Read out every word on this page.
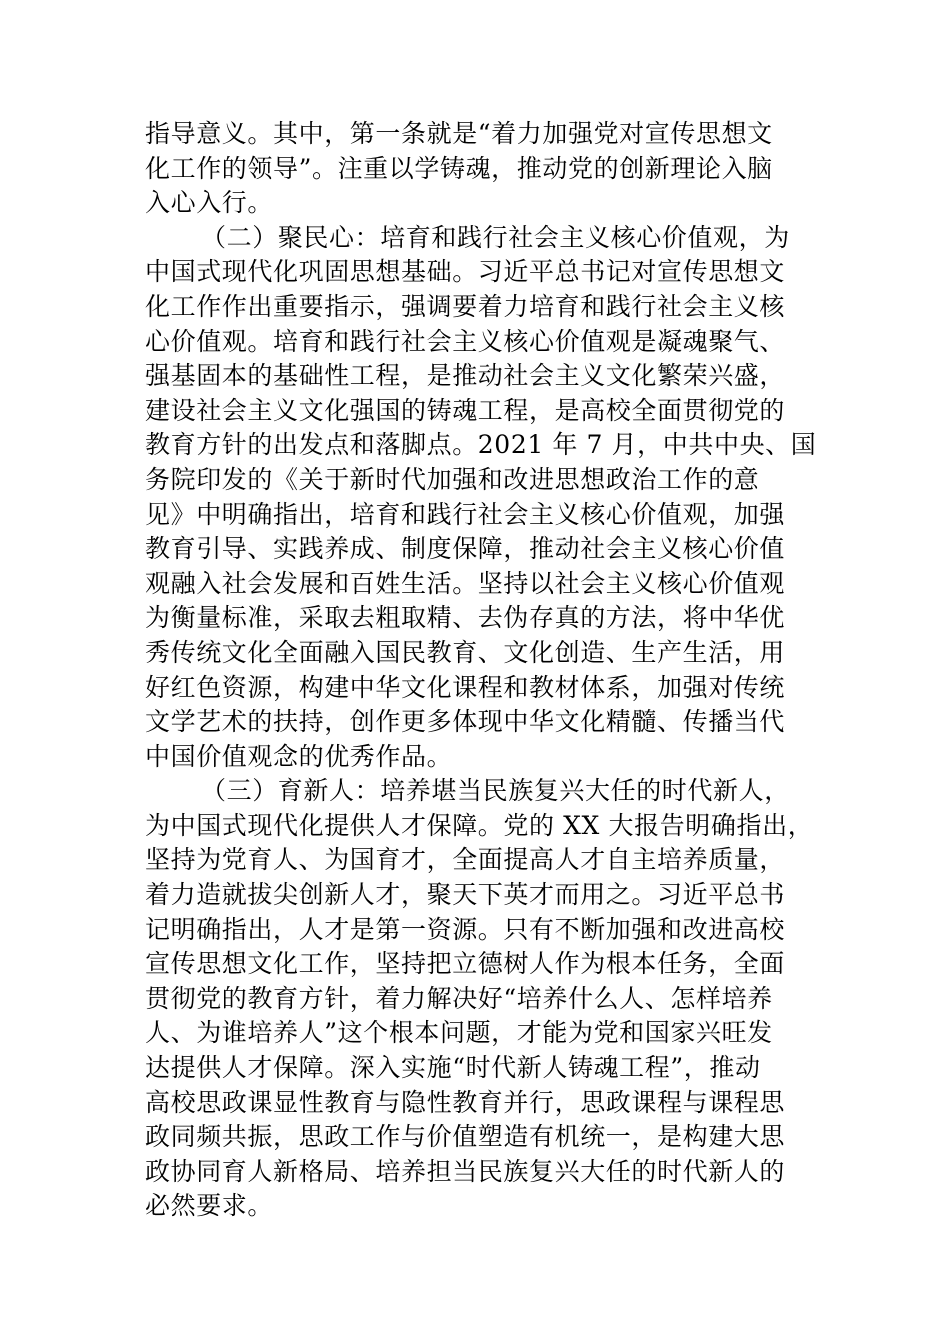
指导意义。其中，第一条就是“着力加强党对宣传思想文
化工作的领导”。注重以学铸魂，推动党的创新理论入脑
入心入行。
（二）聚民心：培育和践行社会主义核心价值观，为
中国式现代化巩固思想基础。习近平总书记对宣传思想文
化工作作出重要指示，强调要着力培育和践行社会主义核
心价值观。培育和践行社会主义核心价值观是凝魂聚气、
强基固本的基础性工程，是推动社会主义文化繁荣兴盛，
建设社会主义文化强国的铸魂工程，是高校全面贯彻党的
教育方针的出发点和落脚点。2021 年 7 月，中共中央、国
务院印发的《关于新时代加强和改进思想政治工作的意
见》中明确指出，培育和践行社会主义核心价值观，加强
教育引导、实践养成、制度保障，推动社会主义核心价值
观融入社会发展和百姓生活。坚持以社会主义核心价值观
为衡量标准，采取去粗取精、去伪存真的方法，将中华优
秀传统文化全面融入国民教育、文化创造、生产生活，用
好红色资源，构建中华文化课程和教材体系，加强对传统
文学艺术的扶持，创作更多体现中华文化精髓、传播当代
中国价值观念的优秀作品。
（三）育新人：培养堪当民族复兴大任的时代新人，
为中国式现代化提供人才保障。党的 XX 大报告明确指出，
坚持为党育人、为国育才，全面提高人才自主培养质量，
着力造就拔尖创新人才，聚天下英才而用之。习近平总书
记明确指出，人才是第一资源。只有不断加强和改进高校
宣传思想文化工作，坚持把立德树人作为根本任务，全面
贯彻党的教育方针，着力解决好“培养什么人、怎样培养
人、为谁培养人”这个根本问题，才能为党和国家兴旺发
达提供人才保障。深入实施“时代新人铸魂工程”，推动
高校思政课显性教育与隐性教育并行，思政课程与课程思
政同频共振，思政工作与价值塑造有机统一，是构建大思
政协同育人新格局、培养担当民族复兴大任的时代新人的
必然要求。
